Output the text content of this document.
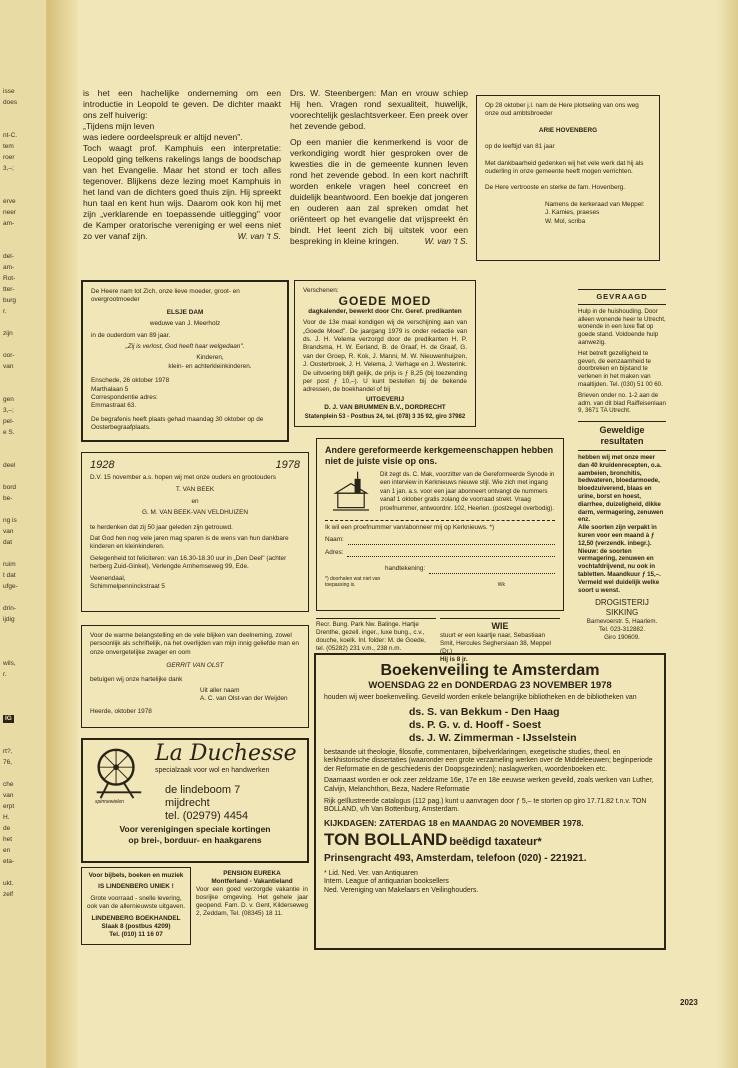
isse
does
nt-C.
tem
roer
3,–;
erve
neer
am-
del-
am-
Rot-
tter-
burg
r.
zijn
oor-
van
gen
3,–;
pel-
e S.
deel
bord
be-
ng is
van
dat
ruim
t dat
ufge-
drin-
ijdig
wils,
r.
IG
rt?,
76,
che
van
erpt
H.
de
het
en
eta-
ukt.
zelf

is het een hachelijke onderneming om een introductie in Leopold te geven. De dichter maakt ons zelf huiverig:

„Tijdens mijn leven

was iedere oordeelspreuk er altijd neven".

Toch waagt prof. Kamphuis een interpretatie: Leopold ging telkens rakelings langs de boodschap van het Evangelie. Maar het stond er toch alles tegenover. Blijkens deze lezing moet Kamphuis in het land van de dichters goed thuis zijn. Hij spreekt hun taal en kent hun wijs. Daarom ook kon hij met zijn „verklarende en toepassende uitlegging" voor de Kamper oratorische vereniging er wel eens niet zo ver vanaf zijn.	W. van 't S.

Drs. W. Steenbergen: Man en vrouw schiep Hij hen. Vragen rond sexualiteit, huwelijk, voorechtelijk geslachtsverkeer. Een preek over het zevende gebod.

Op een manier die kenmerkend is voor de verkondiging wordt hier gesproken over de kwesties die in de gemeente kunnen leven rond het zevende gebod. In een kort nachrift worden enkele vragen heel concreet en duidelijk beantwoord. Een boekje dat jongeren en ouderen aan zal spreken omdat het oriënteert op het evangelie dat vrijspreekt én bindt. Het leent zich bij uitstek voor een bespreking in kleine kringen.	W. van 't S.

Op 28 oktober j.l. nam de Here plotseling van ons weg onze oud ambtsbroeder

ARIE HOVENBERG

op de leeftijd van 81 jaar

Met dankbaarheid gedenken wij het vele werk dat hij als ouderling in onze gemeente heeft mogen verrichten.

De Here vertrooste en sterke de fam. Hovenberg.

Namens de kerkeraad van Meppel:
J. Kamies, praeses
W. Mol, scriba

De Heere nam tot Zich, onze lieve moeder, groot- en overgrootmoeder

ELSJE DAM

weduwe van J. Meerholz

in de ouderdom van 89 jaar.

„Zij is verlost, God heeft haar welgedaan".

Kinderen,
klein- en achterkleinkinderen.

Enschede, 26 oktober 1978
Marthalaan 5
Correspondentie adres:
Emmastraat 63.

De begrafenis heeft plaats gehad maandag 30 oktober op de Oosterbegraafplaats.

Verschenen:
GOEDE MOED
dagkalender, bewerkt door Chr. Geref. predikanten

Voor de 13e maal kondigen wij de verschijning aan van „Goede Moed". De jaargang 1979 is onder redactie van ds. J. H. Velema verzorgd door de predikanten H. P. Brandsma, H. W. Eerland, B. de Graaf, H. de Graaf, G. van der Groep, R. Kok, J. Manni, M. W. Nieuwenhuijzen, J. Oosterbroek, J. H. Velema, J. Verhage en J. Westerink. De uitvoering blijft gelijk, de prijs is ƒ 8,25 (bij toezending per post ƒ 10,–). U kunt bestellen bij de bekende adressen, de boekhandel of bij

UITGEVERIJ
D. J. VAN BRUMMEN B.V., DORDRECHT
Statenplein 53 - Postbus 24, tel. (078) 3 35 92, giro 37982
GEVRAAGD

Hulp in de huishouding. Door alleen wonende heer te Utrecht, wonende in een luxe flat op goede stand. Voldoende hulp aanwezig.

Het betreft gezelligheid te geven, de eenzaamheid te doorbreken en bijstand te verlenen in het maken van maaltijden. Tel. (030) 51 00 60.

Brieven onder no. 1-2 aan de adm. van dit blad Raiffeisenlaan 9, 3671 TA Utrecht.

Geweldige resultaten

hebben wij met onze meer dan 40 kruidenrecepten, o.a. aambeien, bronchitis, bedwateren, bloedarmoede, bloedzuiverend, blaas en urine, borst en hoest, diarrhee, duizeligheid, dikke darm, vermagering, zenuwen enz.

Alle soorten zijn verpakt in kuren voor een maand à ƒ 12,50 (verzendk. inbegr.).

Nieuw: de soorten vermagering, zenuwen en vochtafdrijvend, nu ook in tabletten. Maandkuur ƒ 15,–.

Vermeld wel duidelijk welke soort u wenst.

DROGISTERIJ
SIKKING
Barnevoerstr. 5, Haarlem.
Tel. 023-312882.
Giro 190609.
1928	1978

D.V. 15 november a.s. hopen wij met onze ouders en grootouders

T. VAN BEEK

en

G. M. VAN BEEK-VAN VELDHUIZEN

te herdenken dat zij 50 jaar geleden zijn getrouwd.

Dat God hen nog vele jaren mag sparen is de wens van hun dankbare kinderen en kleinkinderen.

Gelegenheid tot feliciteren: van 16.30-18.30 uur in „Den Deel" (achter herberg Zuid-Ginkel), Verlengde Arnhemseweg 99, Ede.

Veenendaal,
Schimmelpenninckstraat 5
Andere gereformeerde kerkgemeenschappen hebben niet de juiste visie op ons.

Dit zegt ds. C. Mak, voorzitter van de Gereformeerde Synode in een interview in Kerknieuws nieuwe stijl. Wie zich met ingang van 1 jan. a.s. voor een jaar abonneert ontvangt de nummers vanaf 1 oktober gratis zolang de voorraad strekt. Vraag proefnummer, antwoordnr. 102, Heerlen. (postzegel overbodig).

Ik wil een proefnummer van/abonneer mij op Kerknieuws. *)

Naam:
Adres:
handtekening:
*) doorhalen wat niet van toepassing is.	Wk

Voor de warme belangstelling en de vele blijken van deelneming, zowel persoonlijk als schriftelijk, na het overlijden van mijn innig geliefde man en onze onvergetelijke zwager en oom

GERRIT VAN OLST

betuigen wij onze hartelijke dank

Uit aller naam
A. C. van Olst-van der Weijden
Heerde, oktober 1978

Recr. Bung. Park Nw. Balinge. Hartje Drenthe, gezell. inger., luxe bung., c.v., douche, koelk. Inl. folder: M. de Goede, tel. (05282) 231 v.m., 238 n.m.

WIE

stuurt er een kaartje naar, Sebastiaan Smit, Hercules Seghersiaan 38, Meppel (Dr.)

Hij is 8 jr.

spinnewielen
La Duchesse
specialzaak voor wol en handwerken
de lindeboom 7
mijdrecht
tel. (02979) 4454
Voor verenigingen speciale kortingen
op brei-, borduur- en haakgarens

Voor bijbels, boeken en muziek

IS LINDENBERG UNIEK !

Grote voorraad - snelle levering, ook van de allernieuwste uitgaven.

LINDENBERG BOEKHANDEL
Slaak 8 (postbus 4209)
Tel. (010) 11 16 07
PENSION EUREKA
Montferland - Vakantieland

Voor een goed verzorgde vakantie in bosrijke omgeving. Het gehele jaar geopend. Fam. D. v. Gent, Kilderseweg 2, Zeddam, Tel. (08345) 18 11.

Boekenveiling te Amsterdam
WOENSDAG 22 en DONDERDAG 23 NOVEMBER 1978

houden wij weer boekenveiling. Geveild worden enkele belangrijke bibliotheken en de bibliotheken van

ds. S. van Bekkum - Den Haag
ds. P. G. v. d. Hooff - Soest
ds. J. W. Zimmerman - IJsselstein

bestaande uit theologie, filosofie, commentaren, bijbelverklaringen, exegetische studies, theol. en kerkhistorische dissertaties (waaronder een grote verzameling werken over de Middeleeuwen; beginperiode der Reformatie en de geschiedenis der Doopsgezinden); naslagwerken, woordenboeken etc.

Daarnaast worden er ook zeer zeldzame 16e, 17e en 18e eeuwse werken geveild, zoals werken van Luther, Calvijn, Melanchthon, Beza, Nadere Reformatie

Rijk geïllustreerde catalogus (112 pag.) kunt u aanvragen door ƒ 5,– te storten op giro 17.71.82 t.n.v. TON BOLLAND, v/h Van Bottenburg, Amsterdam.

KIJKDAGEN: ZATERDAG 18 en MAANDAG 20 NOVEMBER 1978.
TON BOLLAND beëdigd taxateur*
Prinsengracht 493, Amsterdam, telefoon (020) - 221921.
* Lid. Ned. Ver. van Antiquaren
Intern. League of antiquarian booksellers
Ned. Vereniging van Makelaars en Veilinghouders.
2023
